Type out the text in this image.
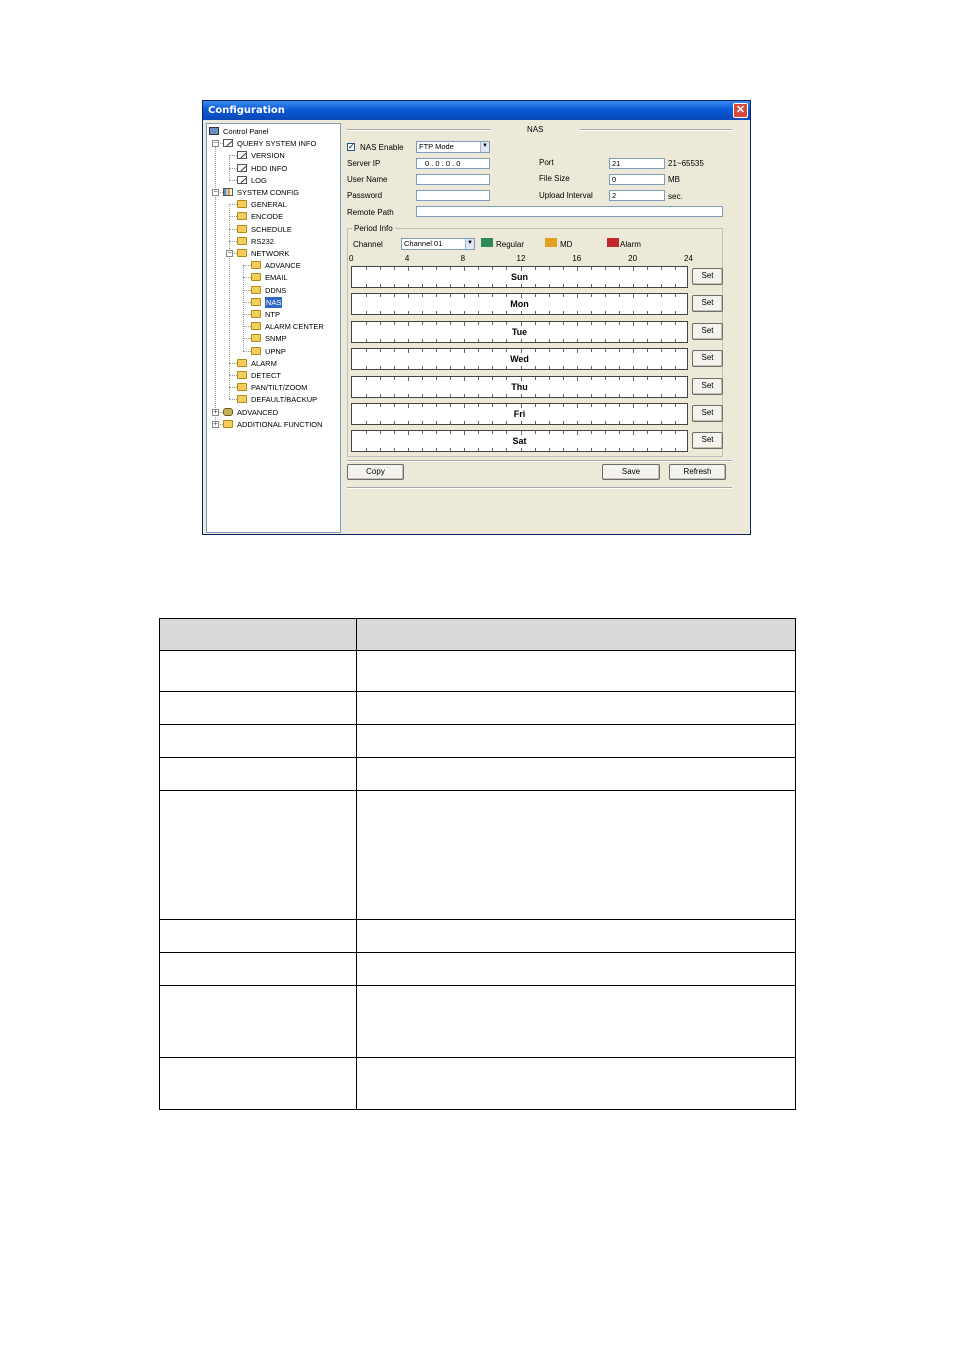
Configuration	✕
Control Panel
−	QUERY SYSTEM INFO
VERSION
HDD INFO
LOG
−	SYSTEM CONFIG
GENERAL
ENCODE
SCHEDULE
RS232
−	NETWORK
ADVANCE
EMAIL
DDNS
NAS
NTP
ALARM CENTER
SNMP
UPNP
ALARM
DETECT
PAN/TILT/ZOOM
DEFAULT/BACKUP
+	ADVANCED
+	ADDITIONAL FUNCTION
NAS
✓ NAS Enable	FTP Mode	▼
Server IP	0 . 0 . 0 . 0
User Name
Password
Remote Path
Port	21	21~65535
File Size	0	MB
Upload Interval	2	sec.
Period Info
Channel	Channel 01	▼	Regular	MD	Alarm
0	4	8	12	16	20	24
Sun	Set
Mon	Set
Tue	Set
Wed	Set
Thu	Set
Fri	Set
Sat	Set
Copy	Save	Refresh
